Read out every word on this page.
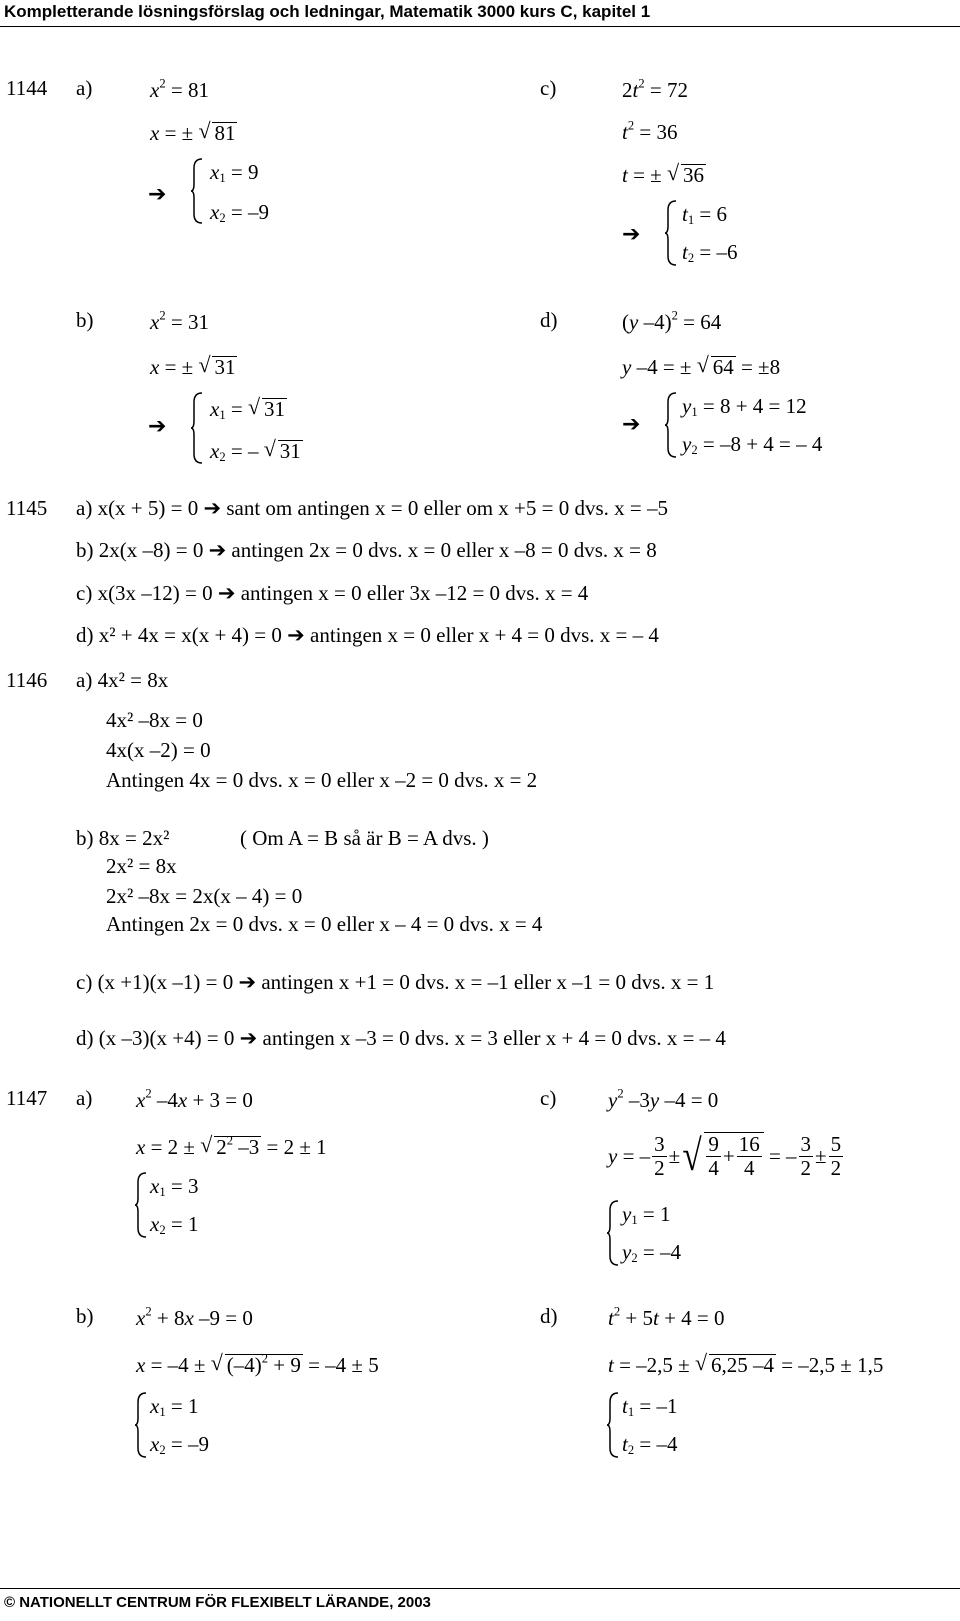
Kompletterande lösningsförslag och ledningar, Matematik 3000 kurs C, kapitel 1
1144 a)	$x^2 = 81$
x = ± √ 81
➔
$x_1 = 9$
$x_2 = -9$
c)	$2t^2 = 72$
$t^2 = 36$
t = ± √ 36
➔
$t_1 = 6$
$t_2 = -6$
b)	$x^2 = 31$
x = ± √ 31
➔
$x_1$ = √ 31
$x_2$ = – √ 31
d)	(y –4)$^2$ = 64
y –4 = ± √ 64 = ±8
➔
$y_1 = 8 + 4 = 12$
$y_2 = -8 + 4$ = – 4
1145 a) x(x + 5) = 0 ➔ sant om antingen x = 0 eller om x +5 = 0 dvs. x = –5
b) 2x(x –8) = 0 ➔ antingen 2x = 0 dvs. x = 0 eller x –8 = 0 dvs. x = 8
c) x(3x –12) = 0 ➔ antingen x = 0 eller 3x –12 = 0 dvs. x = 4
d) x² + 4x = x(x + 4) = 0 ➔ antingen x = 0 eller x + 4 = 0 dvs. x = – 4
1146 a) 4x² = 8x
4x² –8x = 0
4x(x –2) = 0
Antingen 4x = 0 dvs. x = 0 eller x –2 = 0 dvs. x = 2
b) 8x = 2x²	( Om A = B så är B = A dvs. )
2x² = 8x
2x² –8x = 2x(x – 4) = 0
Antingen 2x = 0 dvs. x = 0 eller x – 4 = 0 dvs. x = 4
c) (x +1)(x –1) = 0 ➔ antingen x +1 = 0 dvs. x = –1 eller x –1 = 0 dvs. x = 1
d) (x –3)(x +4) = 0 ➔ antingen x –3 = 0 dvs. x = 3 eller x + 4 = 0 dvs. x = – 4
1147 a) $x^2$ –4x + 3 = 0
x = 2 ± √ $2^2$ –3 = 2 ± 1
$x_1 = 3$
$x_2 = 1$
c) $y^2$ –3y –4 = 0
y = – $\frac{3}{2}$ ± √ $\frac{9}{4} + \frac{16}{4}$ = – $\frac{3}{2} \pm \frac{5}{2}$
$y_1 = 1$
$y_2 = -4$
b) $x^2 + 8x$ –9 = 0
x = –4 ± √ $(-4)^2 + 9 = -4 \pm 5$
$x_1 = 1$
$x_2 = -9$
d) $t^2 + 5t + 4 = 0$
t = –2,5 ± √ 6,25 –4 = –2,5 ± 1,5
$t_1 = -1$
$t_2 = -4$
© NATIONELLT CENTRUM FÖR FLEXIBELT LÄRANDE, 2003
